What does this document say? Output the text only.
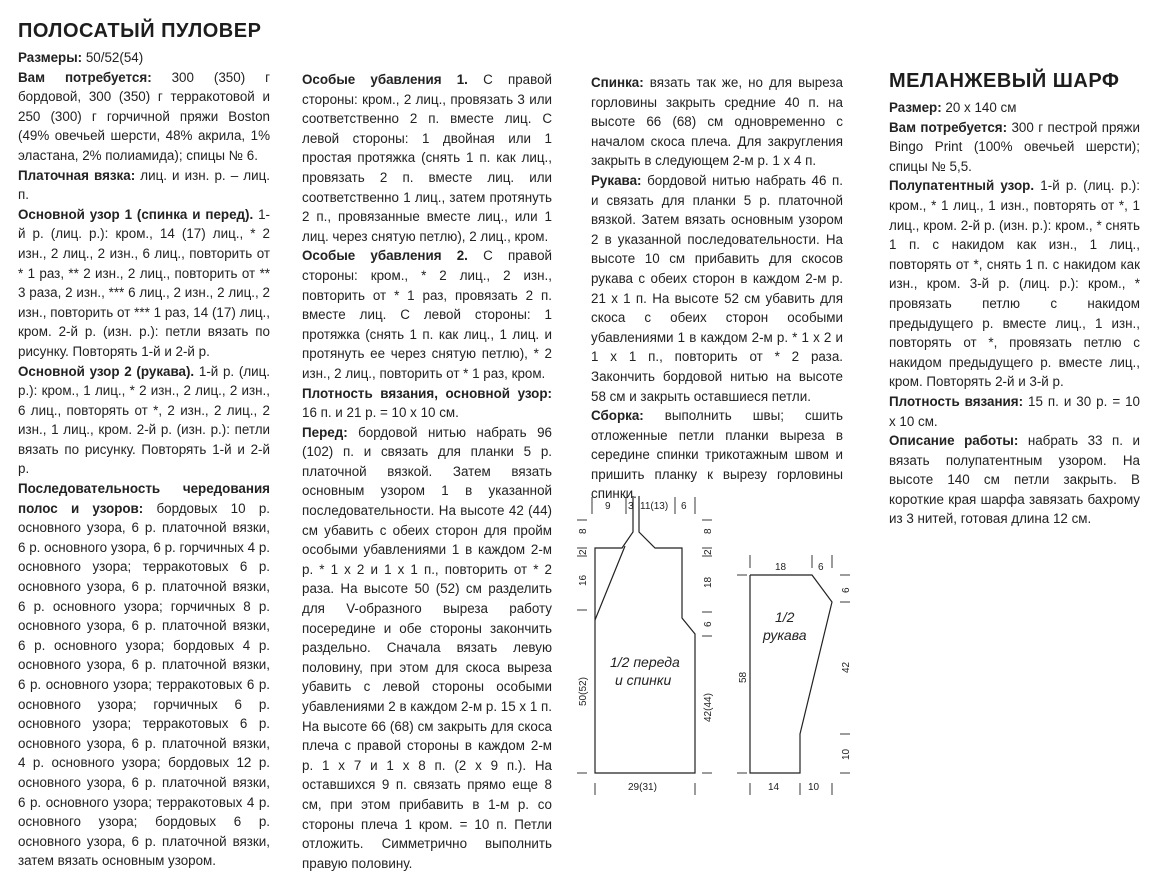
ПОЛОСАТЫЙ ПУЛОВЕР
МЕЛАНЖЕВЫЙ ШАРФ

Размеры: 50/52(54)

Вам потребуется: 300 (350) г бордовой, 300 (350) г терракотовой и 250 (300) г горчичной пряжи Boston (49% овечьей шерсти, 48% акрила, 1% эластана, 2% полиамида); спицы № 6.

Платочная вязка: лиц. и изн. р. – лиц. п.

Основной узор 1 (спинка и перед). 1-й р. (лиц. р.): кром., 14 (17) лиц., * 2 изн., 2 лиц., 2 изн., 6 лиц., повторить от * 1 раз, ** 2 изн., 2 лиц., повторить от ** 3 раза, 2 изн., *** 6 лиц., 2 изн., 2 лиц., 2 изн., повторить от *** 1 раз, 14 (17) лиц., кром. 2-й р. (изн. р.): петли вязать по рисунку. Повторять 1-й и 2-й р.

Основной узор 2 (рукава). 1-й р. (лиц. р.): кром., 1 лиц., * 2 изн., 2 лиц., 2 изн., 6 лиц., повторять от *, 2 изн., 2 лиц., 2 изн., 1 лиц., кром. 2-й р. (изн. р.): петли вязать по рисунку. Повторять 1-й и 2-й р.

Последовательность чередования полос и узоров: бордовых 10 р. основного узора, 6 р. платочной вязки, 6 р. основного узора, 6 р. горчичных 4 р. основного узора; терракотовых 6 р. основного узора, 6 р. платочной вязки, 6 р. основного узора; горчичных 8 р. основного узора, 6 р. платочной вязки, 6 р. основного узора; бордовых 4 р. основного узора, 6 р. платочной вязки, 6 р. основного узора; терракотовых 6 р. основного узора; горчичных 6 р. основного узора; терракотовых 6 р. основного узора, 6 р. платочной вязки, 4 р. основного узора; бордовых 12 р. основного узора, 6 р. платочной вязки, 6 р. основного узора; терракотовых 4 р. основного узора; бордовых 6 р. основного узора, 6 р. платочной вязки, затем вязать основным узором.

Особые убавления 1. С правой стороны: кром., 2 лиц., провязать 3 или соответственно 2 п. вместе лиц. С левой стороны: 1 двойная или 1 простая протяжка (снять 1 п. как лиц., провязать 2 п. вместе лиц. или соответственно 1 лиц., затем протянуть 2 п., провязанные вместе лиц., или 1 лиц. через снятую петлю), 2 лиц., кром.

Особые убавления 2. С правой стороны: кром., * 2 лиц., 2 изн., повторить от * 1 раз, провязать 2 п. вместе лиц. С левой стороны: 1 протяжка (снять 1 п. как лиц., 1 лиц. и протянуть ее через снятую петлю), * 2 изн., 2 лиц., повторить от * 1 раз, кром.

Плотность вязания, основной узор: 16 п. и 21 р. = 10 х 10 см.

Перед: бордовой нитью набрать 96 (102) п. и связать для планки 5 р. платочной вязкой. Затем вязать основным узором 1 в указанной последовательности. На высоте 42 (44) см убавить с обеих сторон для пройм особыми убавлениями 1 в каждом 2-м р. * 1 х 2 и 1 х 1 п., повторить от * 2 раза. На высоте 50 (52) см разделить для V-образного выреза работу посередине и обе стороны закончить раздельно. Сначала вязать левую половину, при этом для скоса выреза убавить с левой стороны особыми убавлениями 2 в каждом 2-м р. 15 х 1 п. На высоте 66 (68) см закрыть для скоса плеча с правой стороны в каждом 2-м р. 1 х 7 и 1 х 8 п. (2 х 9 п.). На оставшихся 9 п. связать прямо еще 8 см, при этом прибавить в 1-м р. со стороны плеча 1 кром. = 10 п. Петли отложить. Симметрично выполнить правую половину.

Спинка: вязать так же, но для выреза горловины закрыть средние 40 п. на высоте 66 (68) см одновременно с началом скоса плеча. Для закругления закрыть в следующем 2-м р. 1 х 4 п.

Рукава: бордовой нитью набрать 46 п. и связать для планки 5 р. платочной вязкой. Затем вязать основным узором 2 в указанной последовательности. На высоте 10 см прибавить для скосов рукава с обеих сторон в каждом 2-м р. 21 х 1 п. На высоте 52 см убавить для скоса с обеих сторон особыми убавлениями 1 в каждом 2-м р. * 1 х 2 и 1 х 1 п., повторить от * 2 раза. Закончить бордовой нитью на высоте 58 см и закрыть оставшиеся петли.

Сборка: выполнить швы; сшить отложенные петли планки выреза в середине спинки трикотажным швом и пришить планку к вырезу горловины спинки.

Размер: 20 х 140 см

Вам потребуется: 300 г пестрой пряжи Bingo Print (100% овечьей шерсти); спицы № 5,5.

Полупатентный узор. 1-й р. (лиц. р.): кром., * 1 лиц., 1 изн., повторять от *, 1 лиц., кром. 2-й р. (изн. р.): кром., * снять 1 п. с накидом как изн., 1 лиц., повторять от *, снять 1 п. с накидом как изн., кром. 3-й р. (лиц. р.): кром., * провязать петлю с накидом предыдущего р. вместе лиц., 1 изн., повторять от *, провязать петлю с накидом предыдущего р. вместе лиц., кром. Повторять 2-й и 3-й р.

Плотность вязания: 15 п. и 30 р. = 10 х 10 см.

Описание работы: набрать 33 п. и вязать полупатентным узором. На высоте 140 см петли закрыть. В короткие края шарфа завязать бахрому из 3 нитей, готовая длина 12 см.

1/2 переда
и спинки
9 3 11(13) 6
8
2
16
50(52)
8
2
18
6
42(44)
29(31)
1/2
рукава
18	6
58
6
42
10
14	10
